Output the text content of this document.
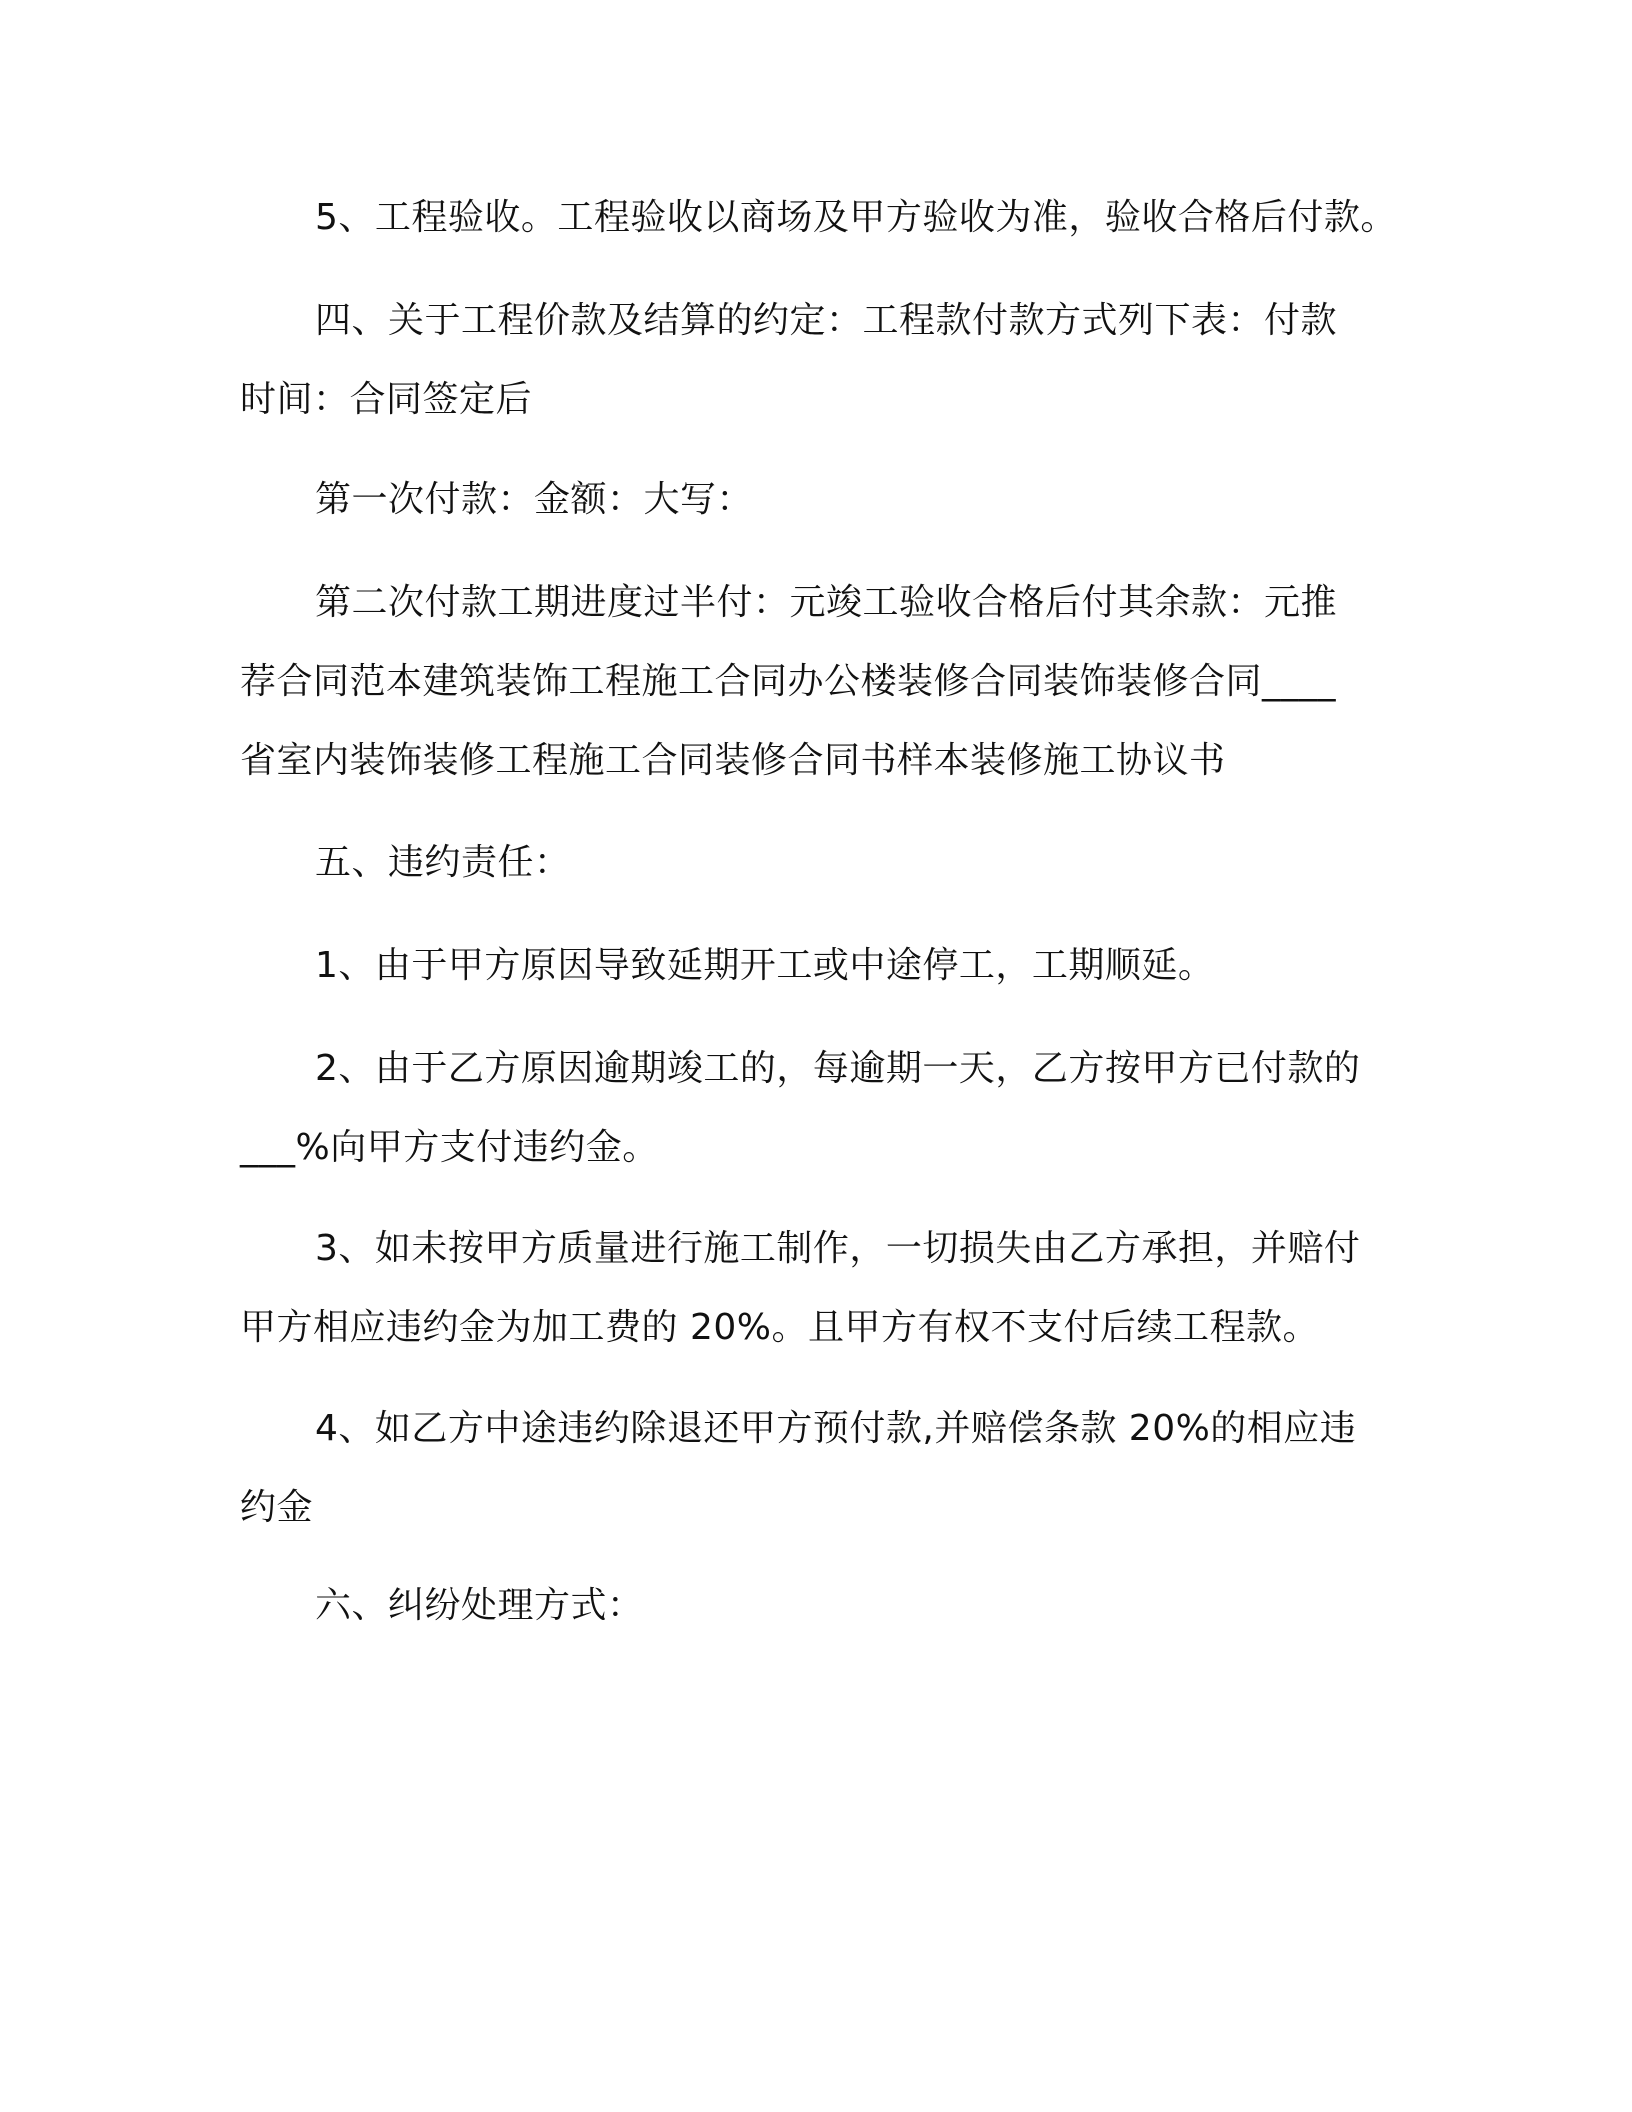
5、工程验收。工程验收以商场及甲方验收为准，验收合格后付款。

四、关于工程价款及结算的约定：工程款付款方式列下表：付款
时间：合同签定后

第一次付款：金额：大写：

第二次付款工期进度过半付：元竣工验收合格后付其余款：元推
荐合同范本建筑装饰工程施工合同办公楼装修合同装饰装修合同____
省室内装饰装修工程施工合同装修合同书样本装修施工协议书

五、违约责任：

1、由于甲方原因导致延期开工或中途停工，工期顺延。

2、由于乙方原因逾期竣工的，每逾期一天，乙方按甲方已付款的
___%向甲方支付违约金。

3、如未按甲方质量进行施工制作，一切损失由乙方承担，并赔付
甲方相应违约金为加工费的 20%。且甲方有权不支付后续工程款。

4、如乙方中途违约除退还甲方预付款,并赔偿条款 20%的相应违
约金

六、纠纷处理方式：
